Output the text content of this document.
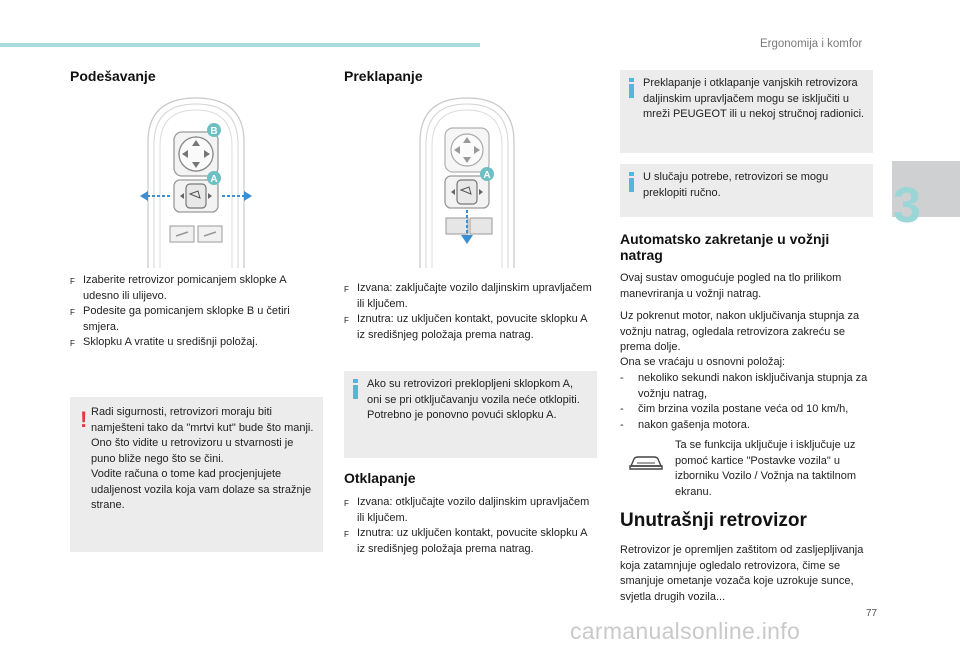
Ergonomija i komfor
3
Podešavanje
B
A
F Izaberite retrovizor pomicanjem sklopke A udesno ili ulijevo.
F Podesite ga pomicanjem sklopke B u četiri smjera.
F Sklopku A vratite u središnji položaj.
! Radi sigurnosti, retrovizori moraju biti namješteni tako da "mrtvi kut" bude što manji.
Ono što vidite u retrovizoru u stvarnosti je puno bliže nego što se čini.
Vodite računa o tome kad procjenjujete udaljenost vozila koja vam dolaze sa stražnje strane.
Preklapanje
A
F Izvana: zaključajte vozilo daljinskim upravljačem ili ključem.
F Iznutra: uz uključen kontakt, povucite sklopku A iz središnjeg položaja prema natrag.
Ako su retrovizori preklopljeni sklopkom A, oni se pri otključavanju vozila neće otklopiti. Potrebno je ponovno povući sklopku A.
Otklapanje
F Izvana: otključajte vozilo daljinskim upravljačem ili ključem.
F Iznutra: uz uključen kontakt, povucite sklopku A iz središnjeg položaja prema natrag.
Preklapanje i otklapanje vanjskih retrovizora daljinskim upravljačem mogu se isključiti u mreži PEUGEOT ili u nekoj stručnoj radionici.
U slučaju potrebe, retrovizori se mogu preklopiti ručno.
Automatsko zakretanje u vožnji natrag
Ovaj sustav omogućuje pogled na tlo prilikom manevriranja u vožnji natrag.
Uz pokrenut motor, nakon uključivanja stupnja za vožnju natrag, ogledala retrovizora zakreću se prema dolje.
Ona se vraćaju u osnovni položaj:
- nekoliko sekundi nakon isključivanja stupnja za vožnju natrag,
- čim brzina vozila postane veća od 10 km/h,
- nakon gašenja motora.
Ta se funkcija uključuje i isključuje uz pomoć kartice "Postavke vozila" u izborniku Vozilo / Vožnja na taktilnom ekranu.
Unutrašnji retrovizor
Retrovizor je opremljen zaštitom od zasljepljivanja koja zatamnjuje ogledalo retrovizora, čime se smanjuje ometanje vozača koje uzrokuje sunce, svjetla drugih vozila...
77
carmanualsonline.info
